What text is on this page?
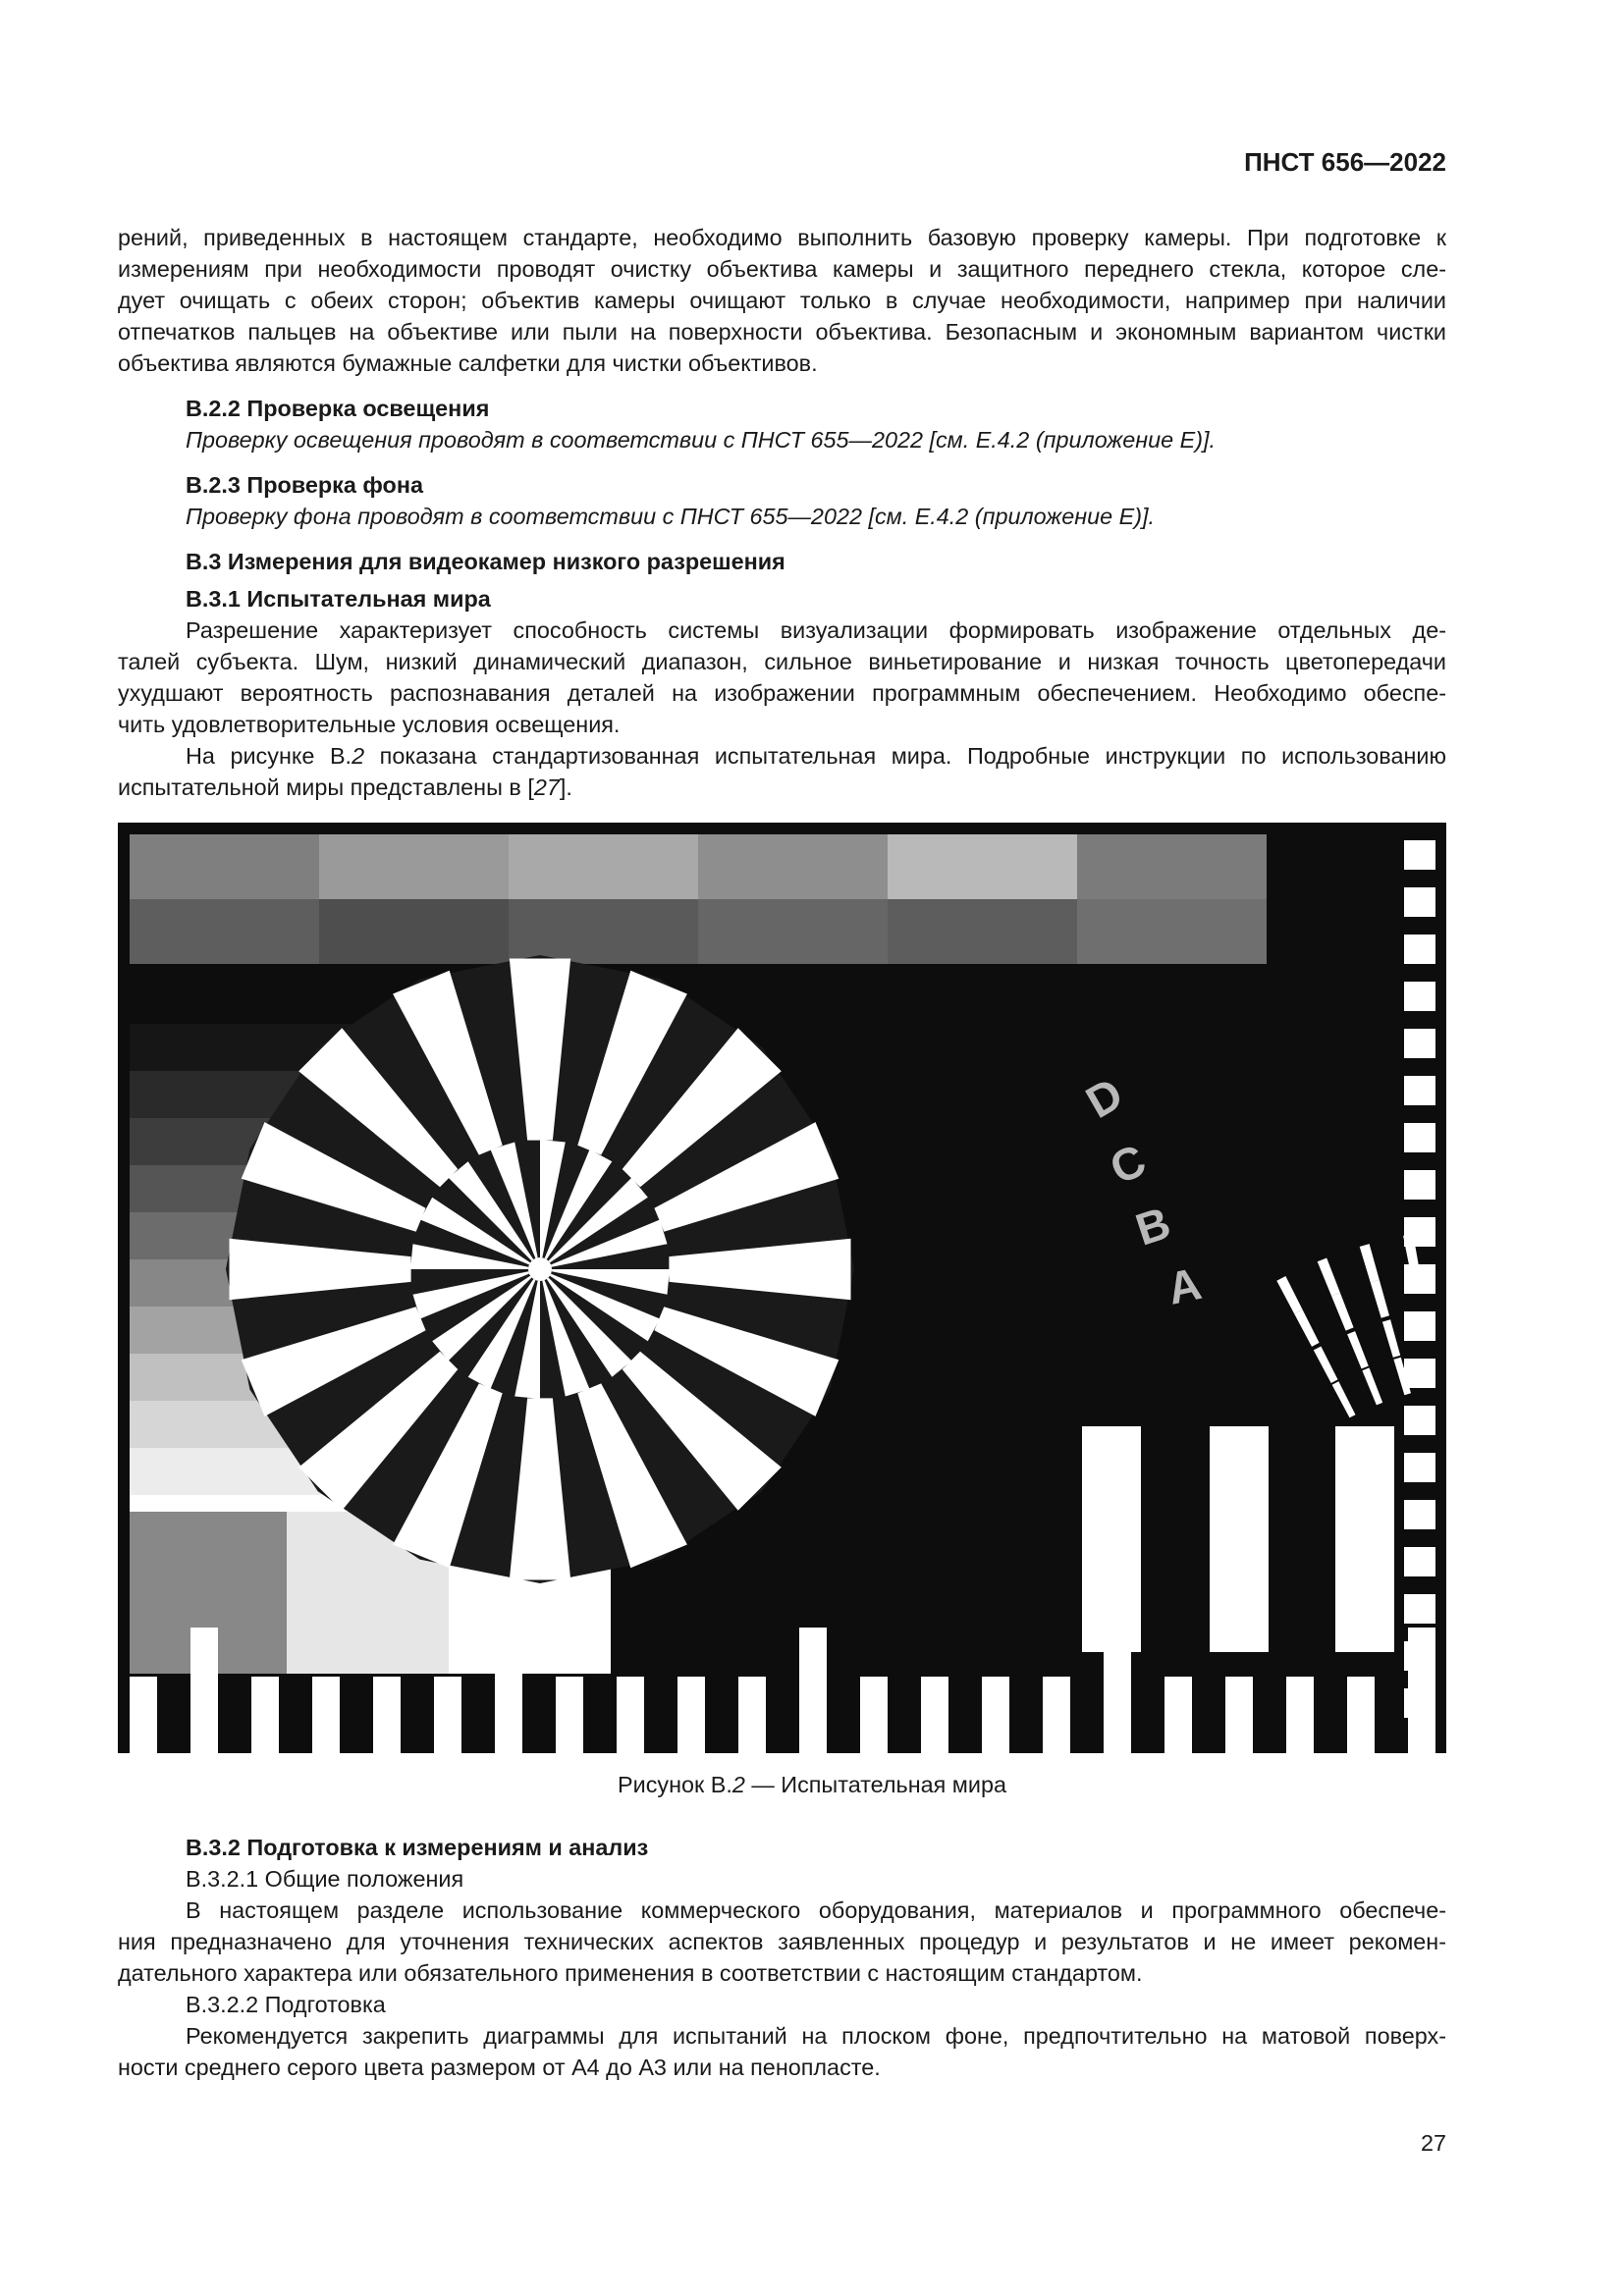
ПНСТ 656—2022
рений, приведенных в настоящем стандарте, необходимо выполнить базовую проверку камеры. При подготовке к
измерениям при необходимости проводят очистку объектива камеры и защитного переднего стекла, которое сле-
дует очищать с обеих сторон; объектив камеры очищают только в случае необходимости, например при наличии
отпечатков пальцев на объективе или пыли на поверхности объектива. Безопасным и экономным вариантом чистки
объектива являются бумажные салфетки для чистки объективов.
В.2.2 Проверка освещения
Проверку освещения проводят в соответствии с ПНСТ 655—2022 [см. Е.4.2 (приложение Е)].
В.2.3 Проверка фона
Проверку фона проводят в соответствии с ПНСТ 655—2022 [см. Е.4.2 (приложение Е)].
В.3 Измерения для видеокамер низкого разрешения
В.3.1 Испытательная мира
Разрешение характеризует способность системы визуализации формировать изображение отдельных де-
талей субъекта. Шум, низкий динамический диапазон, сильное виньетирование и низкая точность цветопередачи
ухудшают вероятность распознавания деталей на изображении программным обеспечением. Необходимо обеспе-
чить удовлетворительные условия освещения.
На рисунке В.2 показана стандартизованная испытательная мира. Подробные инструкции по использованию
испытательной миры представлены в [27].
D
C
B
A
Рисунок В.2 — Испытательная мира
В.3.2 Подготовка к измерениям и анализ
В.3.2.1 Общие положения
В настоящем разделе использование коммерческого оборудования, материалов и программного обеспече-
ния предназначено для уточнения технических аспектов заявленных процедур и результатов и не имеет рекомен-
дательного характера или обязательного применения в соответствии с настоящим стандартом.
В.3.2.2 Подготовка
Рекомендуется закрепить диаграммы для испытаний на плоском фоне, предпочтительно на матовой поверх-
ности среднего серого цвета размером от А4 до А3 или на пенопласте.
27
